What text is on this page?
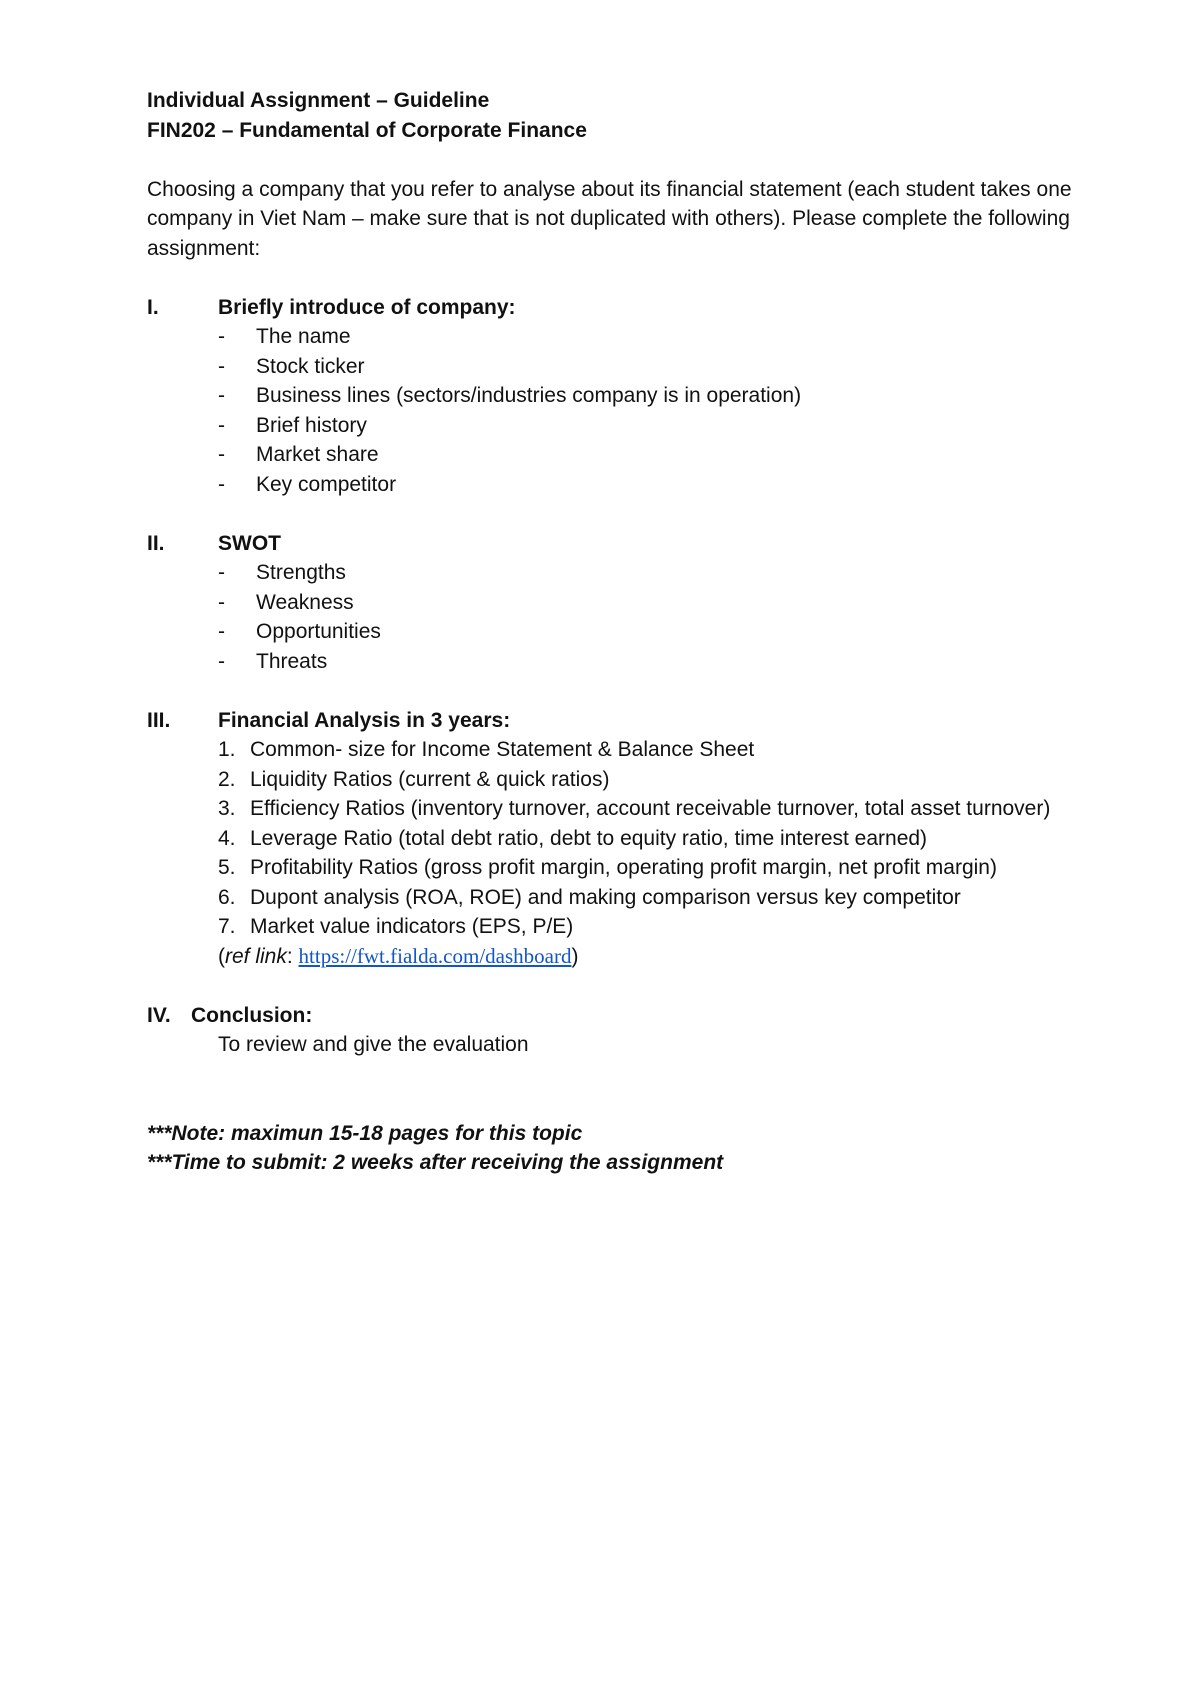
Individual Assignment – Guideline
FIN202 – Fundamental of Corporate Finance
Choosing a company that you refer to analyse about its financial statement (each student takes one company in Viet Nam – make sure that is not duplicated with others). Please complete the following assignment:
I.	Briefly introduce of company:
-	The name
-	Stock ticker
-	Business lines (sectors/industries company is in operation)
-	Brief history
-	Market share
-	Key competitor
II.	SWOT
-	Strengths
-	Weakness
-	Opportunities
-	Threats
III.	Financial Analysis in 3 years:
1. Common- size for Income Statement & Balance Sheet
2. Liquidity Ratios (current & quick ratios)
3. Efficiency Ratios (inventory turnover, account receivable turnover, total asset turnover)
4. Leverage Ratio (total debt ratio, debt to equity ratio, time interest earned)
5. Profitability Ratios (gross profit margin, operating profit margin, net profit margin)
6. Dupont analysis (ROA, ROE) and making comparison versus key competitor
7. Market value indicators (EPS, P/E)
(ref link: https://fwt.fialda.com/dashboard)
IV. Conclusion:
To review and give the evaluation
***Note: maximun 15-18 pages for this topic
***Time to submit: 2 weeks after receiving the assignment
